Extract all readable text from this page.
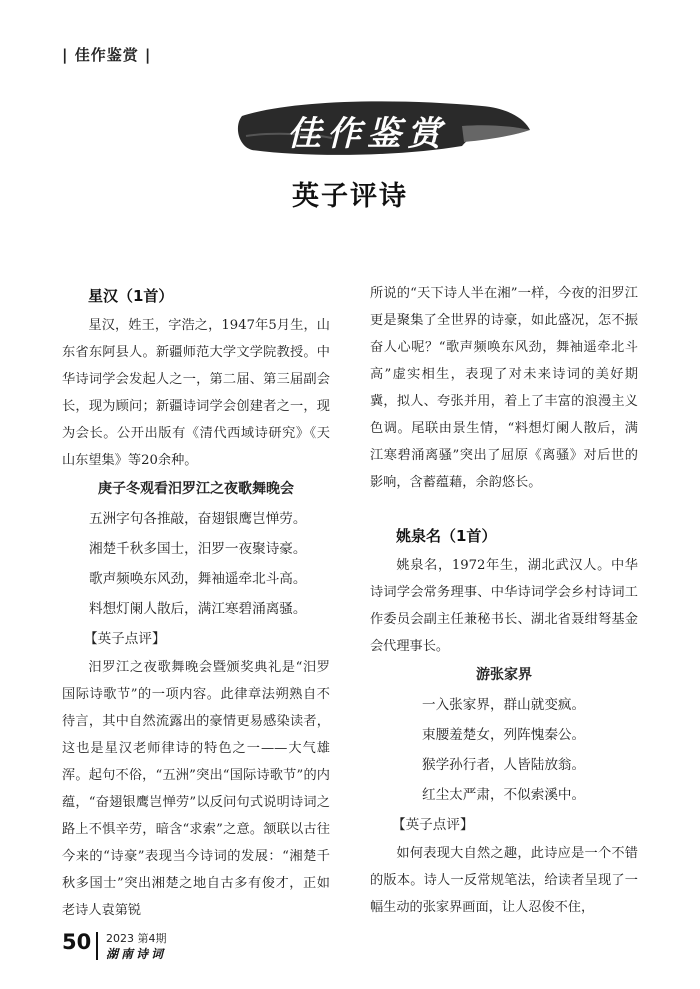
| 佳作鉴赏 |
佳作鉴赏
英子评诗
星汉（1首）

星汉，姓王，字浩之，1947年5月生，山东省东阿县人。新疆师范大学文学院教授。中华诗词学会发起人之一，第二届、第三届副会长，现为顾问；新疆诗词学会创建者之一，现为会长。公开出版有《清代西域诗研究》《天山东望集》等20余种。

庚子冬观看汨罗江之夜歌舞晚会
五洲字句各推敲，奋翅银鹰岂惮劳。
湘楚千秋多国士，汨罗一夜聚诗豪。
歌声频唤东风劲，舞袖遥牵北斗高。
料想灯阑人散后，满江寒碧涌离骚。
【英子点评】

汨罗江之夜歌舞晚会暨颁奖典礼是“汨罗国际诗歌节”的一项内容。此律章法朔熟自不待言，其中自然流露出的豪情更易感染读者，这也是星汉老师律诗的特色之一——大气雄浑。起句不俗，“五洲”突出“国际诗歌节”的内蕴，“奋翅银鹰岂惮劳”以反问句式说明诗词之路上不惧辛劳，暗含“求索”之意。颔联以古往今来的“诗豪”表现当今诗词的发展：“湘楚千秋多国士”突出湘楚之地自古多有俊才，正如老诗人袁第锐

所说的“天下诗人半在湘”一样，今夜的汨罗江更是聚集了全世界的诗豪，如此盛况，怎不振奋人心呢？“歌声频唤东风劲，舞袖遥牵北斗高”虚实相生，表现了对未来诗词的美好期冀，拟人、夸张并用，着上了丰富的浪漫主义色调。尾联由景生情，“料想灯阑人散后，满江寒碧涌离骚”突出了屈原《离骚》对后世的影响，含蓄蕴藉，余韵悠长。

姚泉名（1首）

姚泉名，1972年生，湖北武汉人。中华诗词学会常务理事、中华诗词学会乡村诗词工作委员会副主任兼秘书长、湖北省聂绀弩基金会代理事长。

游张家界
一入张家界，群山就变疯。
束腰羞楚女，列阵愧秦公。
猴学孙行者，人皆陆放翁。
红尘太严肃，不似索溪中。
【英子点评】

如何表现大自然之趣，此诗应是一个不错的版本。诗人一反常规笔法，给读者呈现了一幅生动的张家界画面，让人忍俊不住，

50 2023 第4期
湖南诗词
